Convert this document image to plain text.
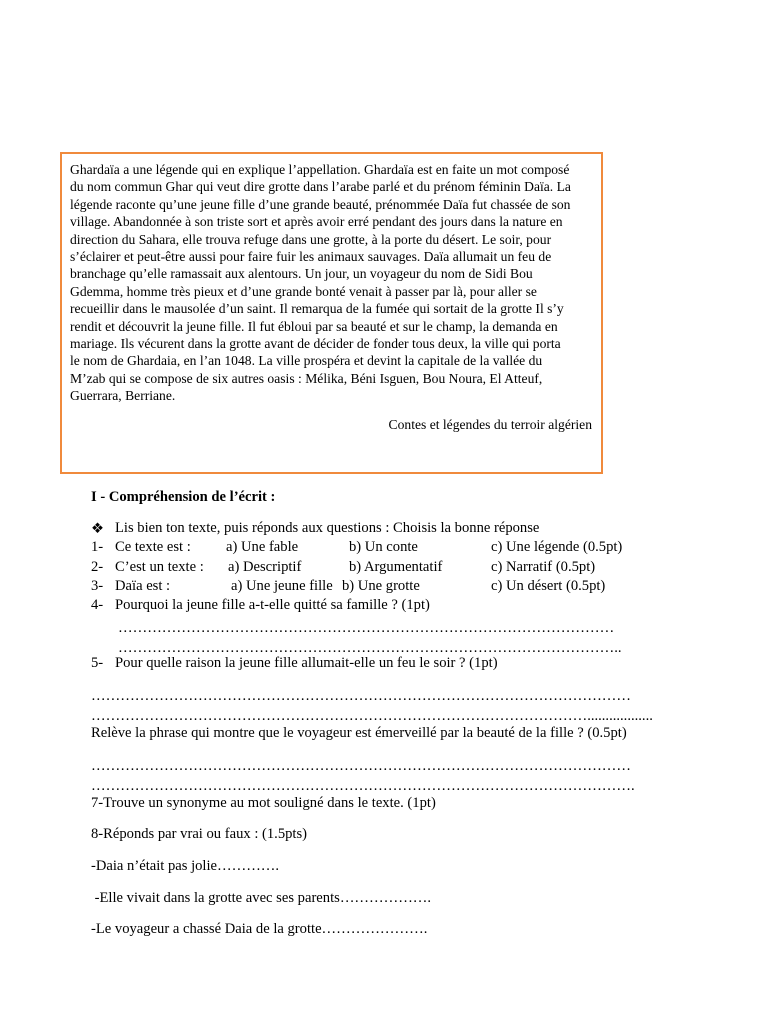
Ghardaïa a une légende qui en explique l’appellation. Ghardaïa est en faite un mot composé
du nom commun Ghar qui veut dire grotte dans l’arabe parlé et du prénom féminin Daïa. La
légende raconte qu’une jeune fille d’une grande beauté, prénommée Daïa fut chassée de son
village. Abandonnée à son triste sort et après avoir erré pendant des jours dans la nature en
direction du Sahara, elle trouva refuge dans une grotte, à la porte du désert. Le soir, pour
s’éclairer et peut-être aussi pour faire fuir les animaux sauvages. Daïa allumait un feu de
branchage qu’elle ramassait aux alentours. Un jour, un voyageur du nom de Sidi Bou
Gdemma, homme très pieux et d’une grande bonté venait à passer par là, pour aller se
recueillir dans le mausolée d’un saint. Il remarqua de la fumée qui sortait de la grotte Il s’y
rendit et découvrit la jeune fille. Il fut ébloui par sa beauté et sur le champ, la demanda en
mariage. Ils vécurent dans la grotte avant de décider de fonder tous deux, la ville qui porta
le nom de Ghardaia, en l’an 1048. La ville prospéra et devint la capitale de la vallée du
M’zab qui se compose de six autres oasis : Mélika, Béni Isguen, Bou Noura, El Atteuf,
Guerrara, Berriane.
Contes et légendes du terroir algérien
I - Compréhension de l’écrit :
❖ Lis bien ton texte, puis réponds aux questions : Choisis la bonne réponse
1- Ce texte est : a) Une fable	b) Un conte	c) Une légende (0.5pt)
2- C’est un texte : a) Descriptif	b) Argumentatif	c) Narratif (0.5pt)
3- Daïa est :	a) Une jeune fille b) Une grotte	c) Un désert (0.5pt)
4- Pourquoi la jeune fille a-t-elle quitté sa famille ? (1pt)
…………………………………………………………………………………………
…………………………………………………………………………………………..
5- Pour quelle raison la jeune fille allumait-elle un feu le soir ? (1pt)
…………………………………………………………………………………………………
…………………………………………………………………………………………..................
Relève la phrase qui montre que le voyageur est émerveillé par la beauté de la fille ? (0.5pt)
…………………………………………………………………………………………………
………………………………………………………………………………………………….
7-Trouve un synonyme au mot souligné dans le texte. (1pt)
8-Réponds par vrai ou faux : (1.5pts)
-Daia n’était pas jolie………….
-Elle vivait dans la grotte avec ses parents……………….
-Le voyageur a chassé Daia de la grotte………………….
